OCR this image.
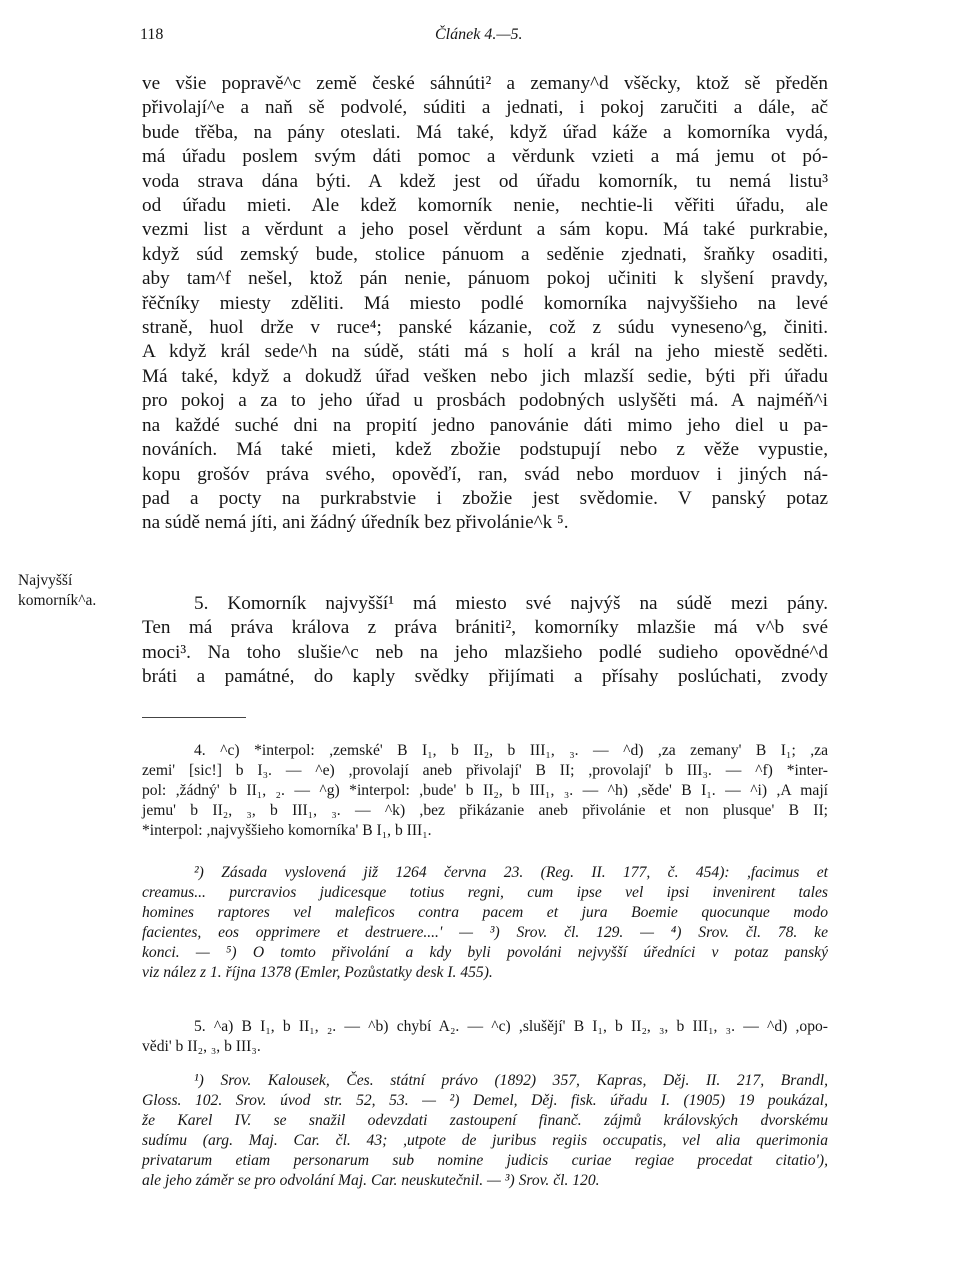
118	Článek 4.—5.

ve všie popravě^c země české sáhnúti² a zemany^d všěcky, ktož sě předěn
přivolají^e a naň sě podvolé, súditi a jednati, i pokoj zaručiti a dále, ač
bude třěba, na pány oteslati. Má také, když úřad káže a komorníka vydá,
má úřadu poslem svým dáti pomoc a věrdunk vzieti a má jemu ot pó-
voda strava dána býti. A kdež jest od úřadu komorník, tu nemá listu³
od úřadu mieti. Ale kdež komorník nenie, nechtie-li věřiti úřadu, ale
vezmi list a věrdunt a jeho posel věrdunt a sám kopu. Má také purkrabie,
když súd zemský bude, stolice pánuom a seděnie zjednati, šraňky osaditi,
aby tam^f nešel, ktož pán nenie, pánuom pokoj učiniti k slyšení pravdy,
řěčníky miesty zděliti. Má miesto podlé komorníka najvyššieho na levé
straně, huol drže v ruce⁴; panské kázanie, což z súdu vyneseno^g, činiti.
A když král sede^h na súdě, státi má s holí a král na jeho miestě seděti.
Má také, když a dokudž úřad vešken nebo jich mlazší sedie, býti při úřadu
pro pokoj a za to jeho úřad u prosbách podobných uslyšěti má. A najméň^i
na každé suché dni na propití jedno panovánie dáti mimo jeho diel u pa-
nováních. Má také mieti, kdež zbožie podstupují nebo z věže vypustie,
kopu grošóv práva svého, opověďí, ran, svád nebo morduov i jiných ná-
pad a pocty na purkrabstvie i zbožie jest svědomie. V panský potaz
na súdě nemá jíti, ani žádný úředník bez přivolánie^k ⁵.

Najvyšší
komorník^a.	5. Komorník najvyšší¹ má miesto své najvýš na súdě mezi pány.
Ten má práva králova z práva brániti², komorníky mlazšie má v^b své
moci³. Na toho slušie^c neb na jeho mlazšieho podlé sudieho opovědné^d
bráti a památné, do kaply svědky přijímati a přísahy poslúchati, zvody

4. ^c) *interpol: ,zemské' B I₁, b II₂, b III₁, ₃. — ^d) ,za zemany' B I₁; ,za
zemi' [sic!] b I₃. — ^e) ,provolají aneb přivolají' B II; ,provolají' b III₃. — ^f) *inter-
pol: ,žádný' b II₁, ₂. — ^g) *interpol: ,bude' b II₂, b III₁, ₃. — ^h) ,sěde' B I₁. — ^i) ,A mají
jemu' b II₂, ₃, b III₁, ₃. — ^k) ,bez přikázanie aneb přivolánie et non plusque' B II;
*interpol: ,najvyššieho komorníka' B I₁, b III₁.

²) Zásada vyslovená již 1264 června 23. (Reg. II. 177, č. 454): ,facimus et
creamus... purcravios judicesque totius regni, cum ipse vel ipsi invenirent tales
homines raptores vel maleficos contra pacem et jura Boemie quocunque modo
facientes, eos opprimere et destruere....' — ³) Srov. čl. 129. — ⁴) Srov. čl. 78. ke
konci. — ⁵) O tomto přivolání a kdy byli povoláni nejvyšší úředníci v potaz panský
viz nález z 1. října 1378 (Emler, Pozůstatky desk I. 455).

5. ^a) B I₁, b II₁, ₂. — ^b) chybí A₂. — ^c) ,slušějí' B I₁, b II₂, ₃, b III₁, ₃. — ^d) ,opo-
vědi' b II₂, ₃, b III₃.

¹) Srov. Kalousek, Čes. státní právo (1892) 357, Kapras, Děj. II. 217, Brandl,
Gloss. 102. Srov. úvod str. 52, 53. — ²) Demel, Děj. fisk. úřadu I. (1905) 19 poukázal,
že Karel IV. se snažil odevzdati zastoupení finanč. zájmů královských dvorskému
sudímu (arg. Maj. Car. čl. 43; ,utpote de juribus regiis occupatis, vel alia querimonia
privatarum etiam personarum sub nomine judicis curiae regiae procedat citatio'),
ale jeho záměr se pro odvolání Maj. Car. neuskutečnil. — ³) Srov. čl. 120.
